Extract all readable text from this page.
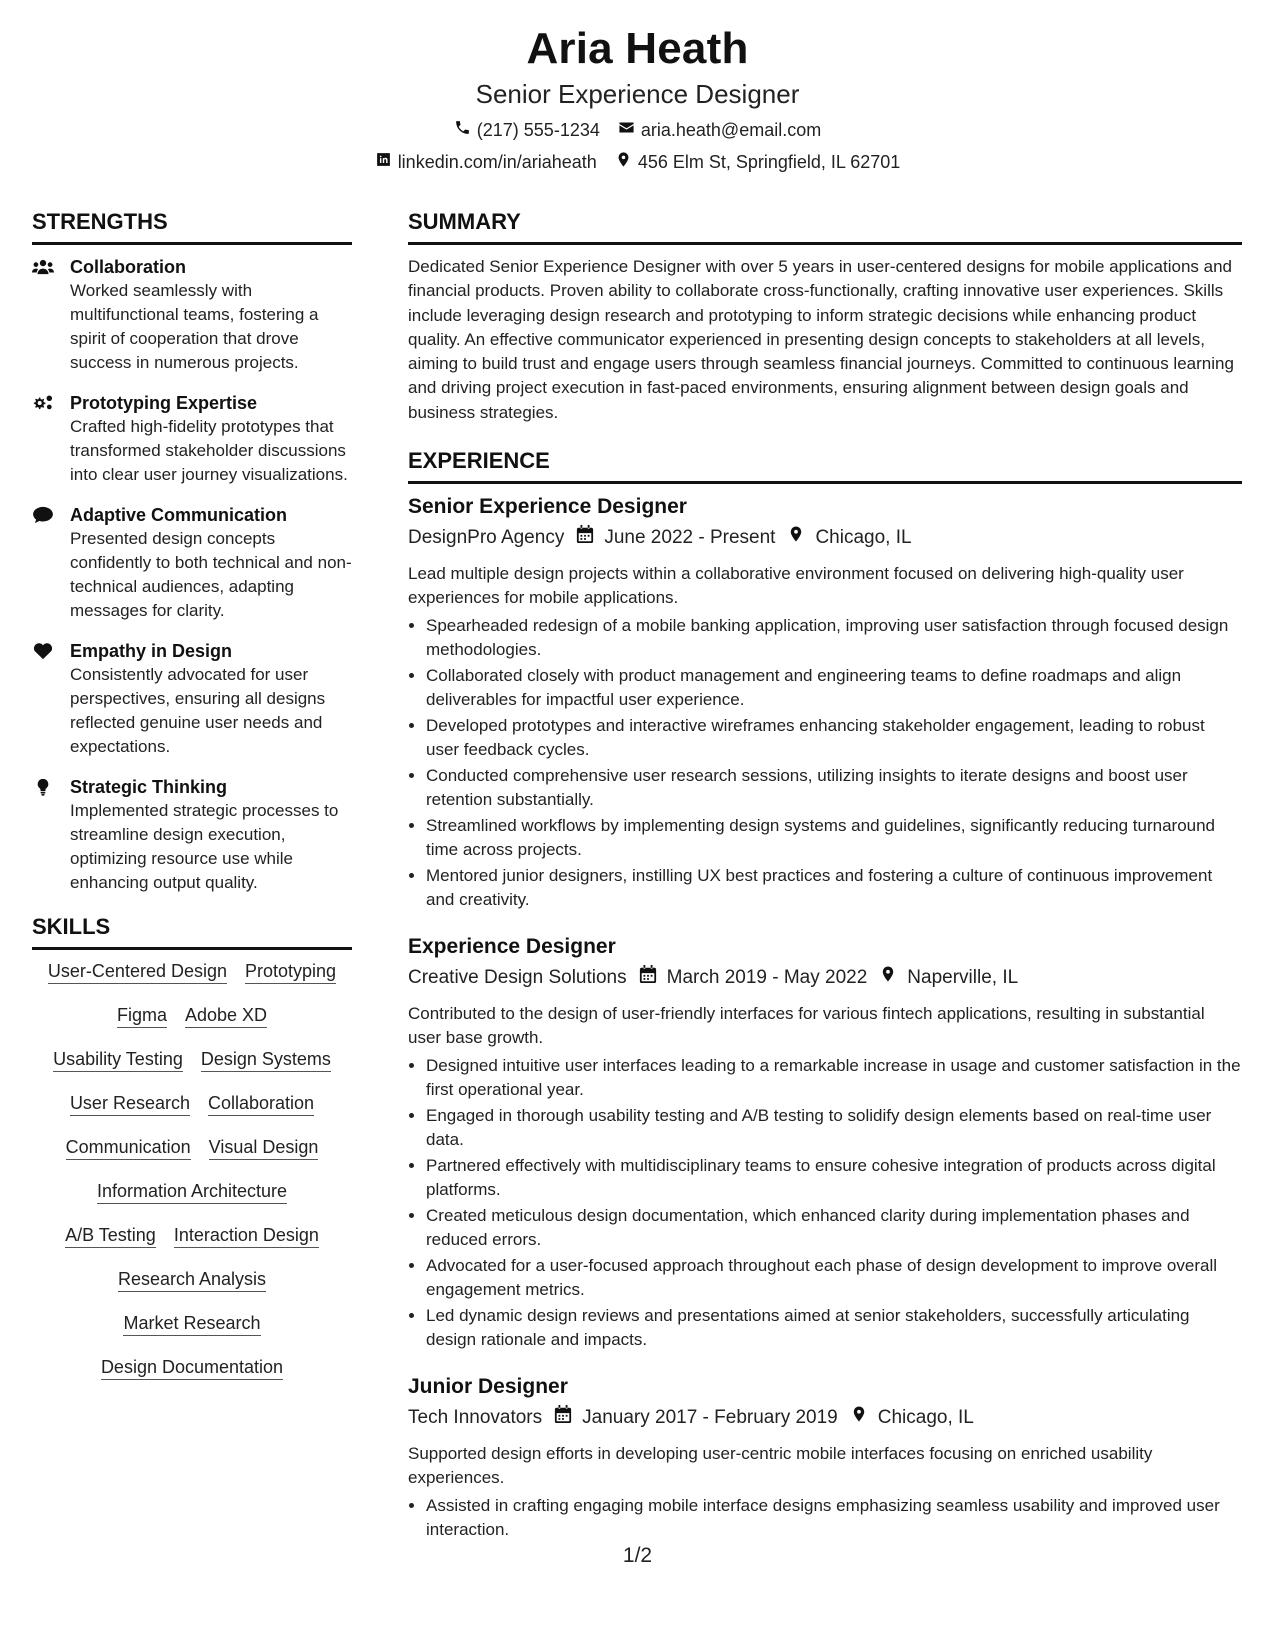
Aria Heath
Senior Experience Designer
(217) 555-1234 aria.heath@email.com
linkedin.com/in/ariaheath 456 Elm St, Springfield, IL 62701
STRENGTHS
Collaboration
Worked seamlessly with multifunctional teams, fostering a spirit of cooperation that drove success in numerous projects.
Prototyping Expertise
Crafted high-fidelity prototypes that transformed stakeholder discussions into clear user journey visualizations.
Adaptive Communication
Presented design concepts confidently to both technical and non-technical audiences, adapting messages for clarity.
Empathy in Design
Consistently advocated for user perspectives, ensuring all designs reflected genuine user needs and expectations.
Strategic Thinking
Implemented strategic processes to streamline design execution, optimizing resource use while enhancing output quality.
SKILLS
User-Centered Design Prototyping
Figma Adobe XD
Usability Testing Design Systems
User Research Collaboration
Communication Visual Design
Information Architecture
A/B Testing Interaction Design
Research Analysis
Market Research
Design Documentation
SUMMARY
Dedicated Senior Experience Designer with over 5 years in user-centered designs for mobile applications and financial products. Proven ability to collaborate cross-functionally, crafting innovative user experiences. Skills include leveraging design research and prototyping to inform strategic decisions while enhancing product quality. An effective communicator experienced in presenting design concepts to stakeholders at all levels, aiming to build trust and engage users through seamless financial journeys. Committed to continuous learning and driving project execution in fast-paced environments, ensuring alignment between design goals and business strategies.
EXPERIENCE
Senior Experience Designer
DesignPro Agency June 2022 - Present Chicago, IL
Lead multiple design projects within a collaborative environment focused on delivering high-quality user experiences for mobile applications.
• Spearheaded redesign of a mobile banking application, improving user satisfaction through focused design methodologies.
• Collaborated closely with product management and engineering teams to define roadmaps and align deliverables for impactful user experience.
• Developed prototypes and interactive wireframes enhancing stakeholder engagement, leading to robust user feedback cycles.
• Conducted comprehensive user research sessions, utilizing insights to iterate designs and boost user retention substantially.
• Streamlined workflows by implementing design systems and guidelines, significantly reducing turnaround time across projects.
• Mentored junior designers, instilling UX best practices and fostering a culture of continuous improvement and creativity.
Experience Designer
Creative Design Solutions March 2019 - May 2022 Naperville, IL
Contributed to the design of user-friendly interfaces for various fintech applications, resulting in substantial user base growth.
• Designed intuitive user interfaces leading to a remarkable increase in usage and customer satisfaction in the first operational year.
• Engaged in thorough usability testing and A/B testing to solidify design elements based on real-time user data.
• Partnered effectively with multidisciplinary teams to ensure cohesive integration of products across digital platforms.
• Created meticulous design documentation, which enhanced clarity during implementation phases and reduced errors.
• Advocated for a user-focused approach throughout each phase of design development to improve overall engagement metrics.
• Led dynamic design reviews and presentations aimed at senior stakeholders, successfully articulating design rationale and impacts.
Junior Designer
Tech Innovators January 2017 - February 2019 Chicago, IL
Supported design efforts in developing user-centric mobile interfaces focusing on enriched usability experiences.
• Assisted in crafting engaging mobile interface designs emphasizing seamless usability and improved user interaction.
1/2
